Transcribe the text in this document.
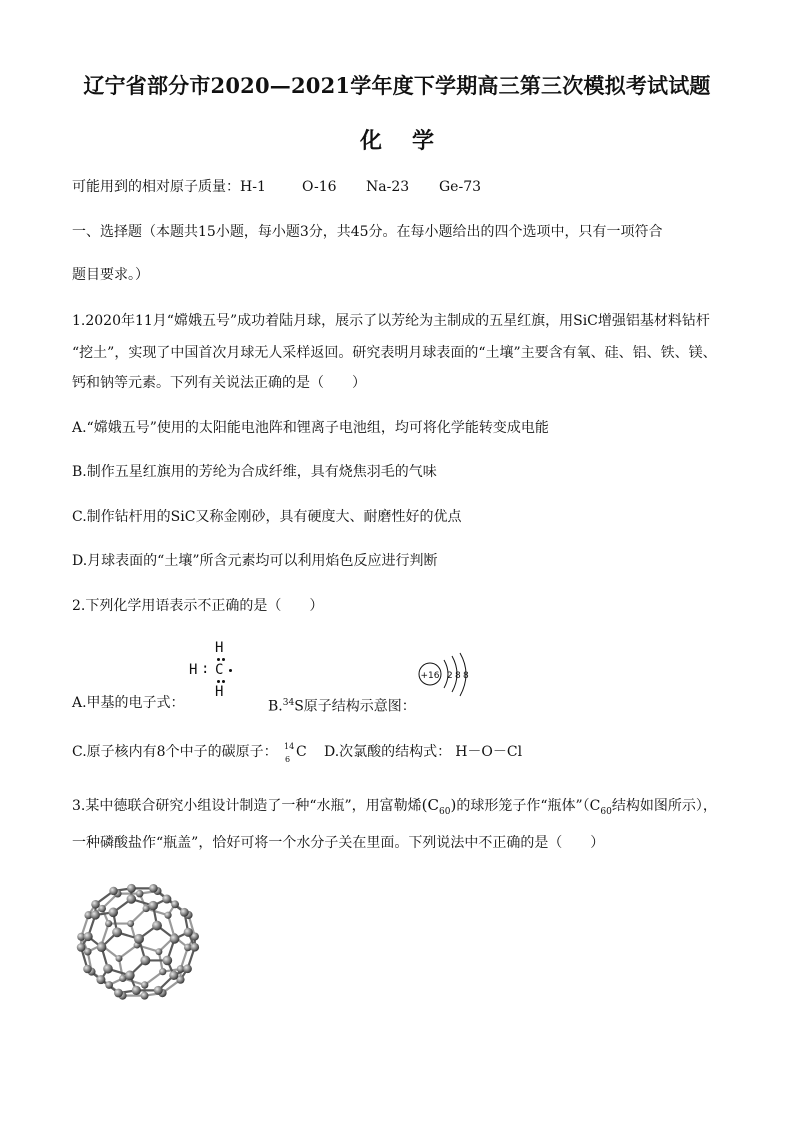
辽宁省部分市2020—2021学年度下学期高三第三次模拟考试试题
化学
可能用到的相对原子质量：H-1	O-16 Na-23 Ge-73
一、选择题（本题共15小题，每小题3分，共45分。在每小题给出的四个选项中，只有一项符合
题目要求。）
1.2020年11月“嫦娥五号”成功着陆月球，展示了以芳纶为主制成的五星红旗，用SiC增强铝基材料钻杆
“挖土”，实现了中国首次月球无人采样返回。研究表明月球表面的“土壤”主要含有氧、硅、铝、铁、镁、
钙和钠等元素。下列有关说法正确的是（　　）
A.“嫦娥五号”使用的太阳能电池阵和锂离子电池组，均可将化学能转变成电能
B.制作五星红旗用的芳纶为合成纤维，具有烧焦羽毛的气味
C.制作钻杆用的SiC又称金刚砂，具有硬度大、耐磨性好的优点
D.月球表面的“土壤”所含元素均可以利用焰色反应进行判断
2.下列化学用语表示不正确的是（　　）
A.甲基的电子式：
H
H : C
H
B.$^{34}$S原子结构示意图：
+16 2 8 8
C.原子核内有8个中子的碳原子： 14
6 C D.次氯酸的结构式： H－O－Cl
3.某中德联合研究小组设计制造了一种“水瓶”，用富勒烯$(C_{60})$的球形笼子作“瓶体$”(C_{60}$结构如图所示），
一种磷酸盐作“瓶盖”，恰好可将一个水分子关在里面。下列说法中不正确的是（　　）
